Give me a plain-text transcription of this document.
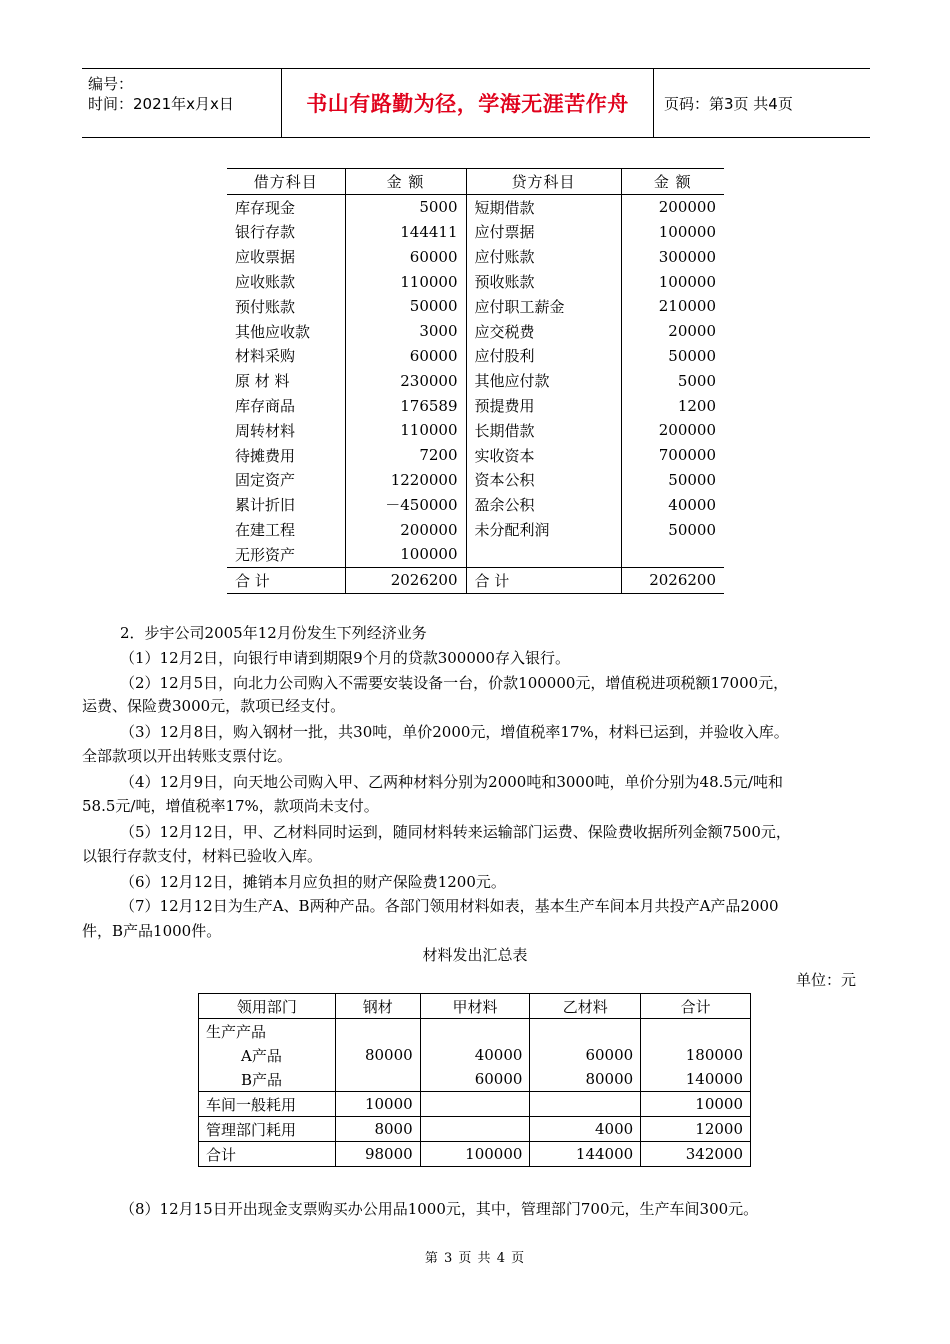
编号：
时间：2021年x月x日	书山有路勤为径，学海无涯苦作舟 页码：第3页 共4页
借方科目	金 额	贷方科目	金 额
库存现金	5000	短期借款	200000
银行存款	144411	应付票据	100000
应收票据	60000	应付账款	300000
应收账款	110000	预收账款	100000
预付账款	50000	应付职工薪金	210000
其他应收款	3000	应交税费	20000
材料采购	60000	应付股利	50000
原 材 料	230000	其他应付款	5000
库存商品	176589	预提费用	1200
周转材料	110000	长期借款	200000
待摊费用	7200	实收资本	700000
固定资产	1220000	资本公积	50000
累计折旧	－450000	盈余公积	40000
在建工程	200000	未分配利润	50000
无形资产	100000		
合 计	2026200	合 计	2026200
2．步宇公司2005年12月份发生下列经济业务
（1）12月2日，向银行申请到期限9个月的贷款300000存入银行。
（2）12月5日，向北力公司购入不需要安装设备一台，价款100000元，增值税进项税额17000元，
运费、保险费3000元，款项已经支付。
（3）12月8日，购入钢材一批，共30吨，单价2000元，增值税率17%，材料已运到，并验收入库。
全部款项以开出转账支票付讫。
（4）12月9日，向天地公司购入甲、乙两种材料分别为2000吨和3000吨，单价分别为48.5元/吨和
58.5元/吨，增值税率17%，款项尚未支付。
（5）12月12日，甲、乙材料同时运到，随同材料转来运输部门运费、保险费收据所列金额7500元，
以银行存款支付，材料已验收入库。
（6）12月12日，摊销本月应负担的财产保险费1200元。
（7）12月12日为生产A、B两种产品。各部门领用材料如表，基本生产车间本月共投产A产品2000
件，B产品1000件。
材料发出汇总表
单位：元
领用部门	钢材	甲材料	乙材料	合计
生产产品				
A产品	80000	40000	60000	180000
B产品		60000	80000	140000
车间一般耗用	10000			10000
管理部门耗用	8000		4000	12000
合计	98000	100000	144000	342000
（8）12月15日开出现金支票购买办公用品1000元，其中，管理部门700元，生产车间300元。
第 3 页 共 4 页
